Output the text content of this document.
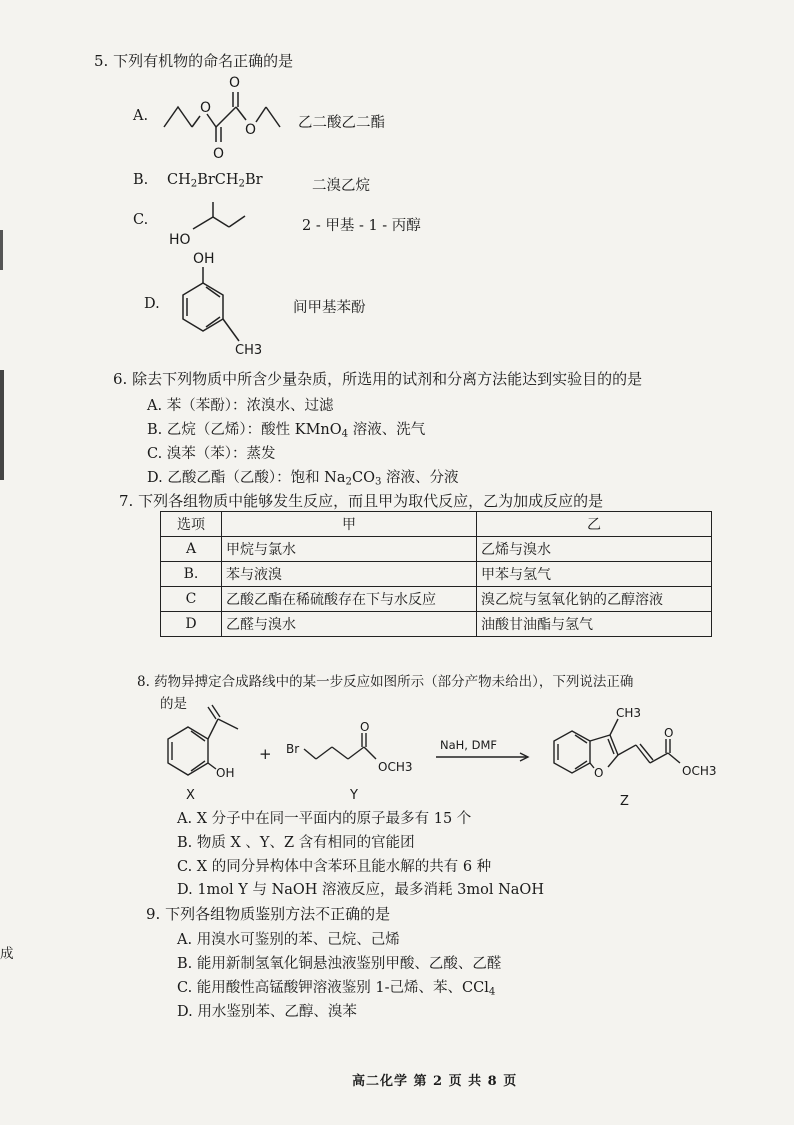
5. 下列有机物的命名正确的是
A.	O
O
O
O	乙二酸乙二酯
B. $CH_2BrCH_2Br$	二溴乙烷
C.
HO
2 - 甲基 - 1 - 丙醇
D.
OH
CH3
间甲基苯酚
6. 除去下列物质中所含少量杂质，所选用的试剂和分离方法能达到实验目的的是
A. 苯（苯酚）：浓溴水、过滤
B. 乙烷（乙烯）：酸性 KMnO$_4$ 溶液、洗气
C. 溴苯（苯）：蒸发
D. 乙酸乙酯（乙酸）：饱和 $Na_2CO_3$ 溶液、分液
7. 下列各组物质中能够发生反应，而且甲为取代反应，乙为加成反应的是
选项	甲	乙
A	甲烷与氯水	乙烯与溴水
B.	苯与液溴	甲苯与氢气
C	乙酸乙酯在稀硫酸存在下与水反应	溴乙烷与氢氧化钠的乙醇溶液
D	乙醛与溴水	油酸甘油酯与氢气
8. 药物异搏定合成路线中的某一步反应如图所示（部分产物未给出），下列说法正确
的是
OH
X
+ Br
O
OCH3
Y
NaH, DMF
O
CH3
O
OCH3
Z
A. X 分子中在同一平面内的原子最多有 15 个
B. 物质 X 、Y、Z 含有相同的官能团
C. X 的同分异构体中含苯环且能水解的共有 6 种
D. 1mol Y 与 NaOH 溶液反应，最多消耗 3mol NaOH
9. 下列各组物质鉴别方法不正确的是
A. 用溴水可鉴别的苯、己烷、己烯
B. 能用新制氢氧化铜悬浊液鉴别甲酸、乙酸、乙醛
C. 能用酸性高锰酸钾溶液鉴别 1-己烯、苯、CCl$_4$
D. 用水鉴别苯、乙醇、溴苯
成
高二化学 第 2 页 共 8 页
